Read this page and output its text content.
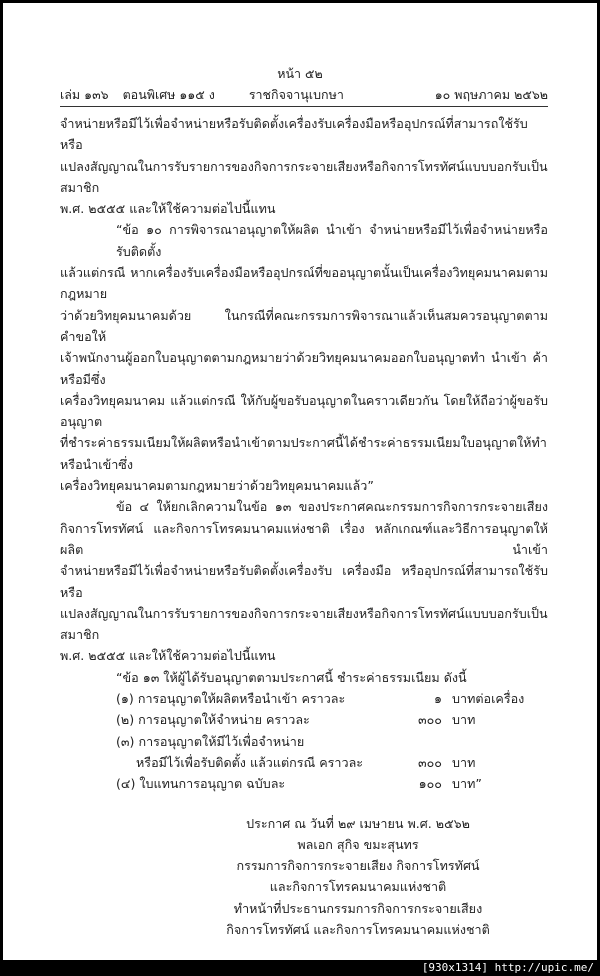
หน้า ๕๒
เล่ม ๑๓๖ ตอนพิเศษ ๑๑๕ ง	ราชกิจจานุเบกษา	๑๐ พฤษภาคม ๒๕๖๒
จำหน่ายหรือมีไว้เพื่อจำหน่ายหรือรับติดตั้งเครื่องรับเครื่องมือหรืออุปกรณ์ที่สามารถใช้รับหรือ
แปลงสัญญาณในการรับรายการของกิจการกระจายเสียงหรือกิจการโทรทัศน์แบบบอกรับเป็นสมาชิก
พ.ศ. ๒๕๕๕ และให้ใช้ความต่อไปนี้แทน
“ข้อ ๑๐ การพิจารณาอนุญาตให้ผลิต นำเข้า จำหน่ายหรือมีไว้เพื่อจำหน่ายหรือรับติดตั้ง
แล้วแต่กรณี หากเครื่องรับเครื่องมือหรืออุปกรณ์ที่ขออนุญาตนั้นเป็นเครื่องวิทยุคมนาคมตามกฎหมาย
ว่าด้วยวิทยุคมนาคมด้วย ในกรณีที่คณะกรรมการพิจารณาแล้วเห็นสมควรอนุญาตตามคำขอให้
เจ้าพนักงานผู้ออกใบอนุญาตตามกฎหมายว่าด้วยวิทยุคมนาคมออกใบอนุญาตทำ นำเข้า ค้าหรือมีซึ่ง
เครื่องวิทยุคมนาคม แล้วแต่กรณี ให้กับผู้ขอรับอนุญาตในคราวเดียวกัน โดยให้ถือว่าผู้ขอรับอนุญาต
ที่ชำระค่าธรรมเนียมให้ผลิตหรือนำเข้าตามประกาศนี้ได้ชำระค่าธรรมเนียมใบอนุญาตให้ทำหรือนำเข้าซึ่ง
เครื่องวิทยุคมนาคมตามกฎหมายว่าด้วยวิทยุคมนาคมแล้ว”
ข้อ ๔ ให้ยกเลิกความในข้อ ๑๓ ของประกาศคณะกรรมการกิจการกระจายเสียง
กิจการโทรทัศน์ และกิจการโทรคมนาคมแห่งชาติ เรื่อง หลักเกณฑ์และวิธีการอนุญาตให้ผลิต นำเข้า
จำหน่ายหรือมีไว้เพื่อจำหน่ายหรือรับติดตั้งเครื่องรับ เครื่องมือ หรืออุปกรณ์ที่สามารถใช้รับหรือ
แปลงสัญญาณในการรับรายการของกิจการกระจายเสียงหรือกิจการโทรทัศน์แบบบอกรับเป็นสมาชิก
พ.ศ. ๒๕๕๕ และให้ใช้ความต่อไปนี้แทน
“ข้อ ๑๓ ให้ผู้ได้รับอนุญาตตามประกาศนี้ ชำระค่าธรรมเนียม ดังนี้
(๑) การอนุญาตให้ผลิตหรือนำเข้า คราวละ	๑ บาทต่อเครื่อง
(๒) การอนุญาตให้จำหน่าย คราวละ	๓๐๐ บาท
(๓) การอนุญาตให้มีไว้เพื่อจำหน่าย
หรือมีไว้เพื่อรับติดตั้ง แล้วแต่กรณี คราวละ	๓๐๐ บาท
(๔) ใบแทนการอนุญาต ฉบับละ	๑๐๐ บาท”
ประกาศ ณ วันที่ ๒๙ เมษายน พ.ศ. ๒๕๖๒
พลเอก สุกิจ ขมะสุนทร
กรรมการกิจการกระจายเสียง กิจการโทรทัศน์
และกิจการโทรคมนาคมแห่งชาติ
ทำหน้าที่ประธานกรรมการกิจการกระจายเสียง
กิจการโทรทัศน์ และกิจการโทรคมนาคมแห่งชาติ
[930x1314] http://upic.me/
